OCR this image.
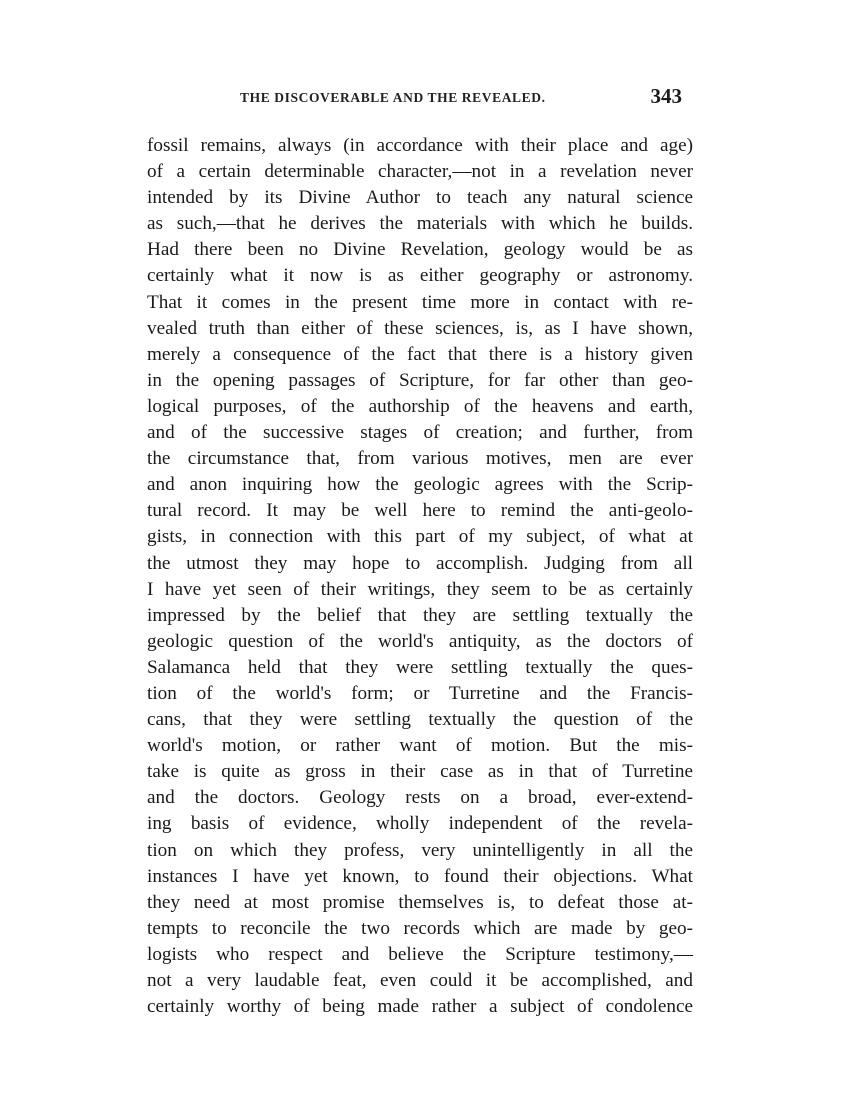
THE DISCOVERABLE AND THE REVEALED.	343
fossil remains, always (in accordance with their place and age)
of a certain determinable character,—not in a revelation never
intended by its Divine Author to teach any natural science
as such,—that he derives the materials with which he builds.
Had there been no Divine Revelation, geology would be as
certainly what it now is as either geography or astronomy.
That it comes in the present time more in contact with re-
vealed truth than either of these sciences, is, as I have shown,
merely a consequence of the fact that there is a history given
in the opening passages of Scripture, for far other than geo-
logical purposes, of the authorship of the heavens and earth,
and of the successive stages of creation; and further, from
the circumstance that, from various motives, men are ever
and anon inquiring how the geologic agrees with the Scrip-
tural record. It may be well here to remind the anti-geolo-
gists, in connection with this part of my subject, of what at
the utmost they may hope to accomplish. Judging from all
I have yet seen of their writings, they seem to be as certainly
impressed by the belief that they are settling textually the
geologic question of the world's antiquity, as the doctors of
Salamanca held that they were settling textually the ques-
tion of the world's form; or Turretine and the Francis-
cans, that they were settling textually the question of the
world's motion, or rather want of motion. But the mis-
take is quite as gross in their case as in that of Turretine
and the doctors. Geology rests on a broad, ever-extend-
ing basis of evidence, wholly independent of the revela-
tion on which they profess, very unintelligently in all the
instances I have yet known, to found their objections. What
they need at most promise themselves is, to defeat those at-
tempts to reconcile the two records which are made by geo-
logists who respect and believe the Scripture testimony,—
not a very laudable feat, even could it be accomplished, and
certainly worthy of being made rather a subject of condolence
